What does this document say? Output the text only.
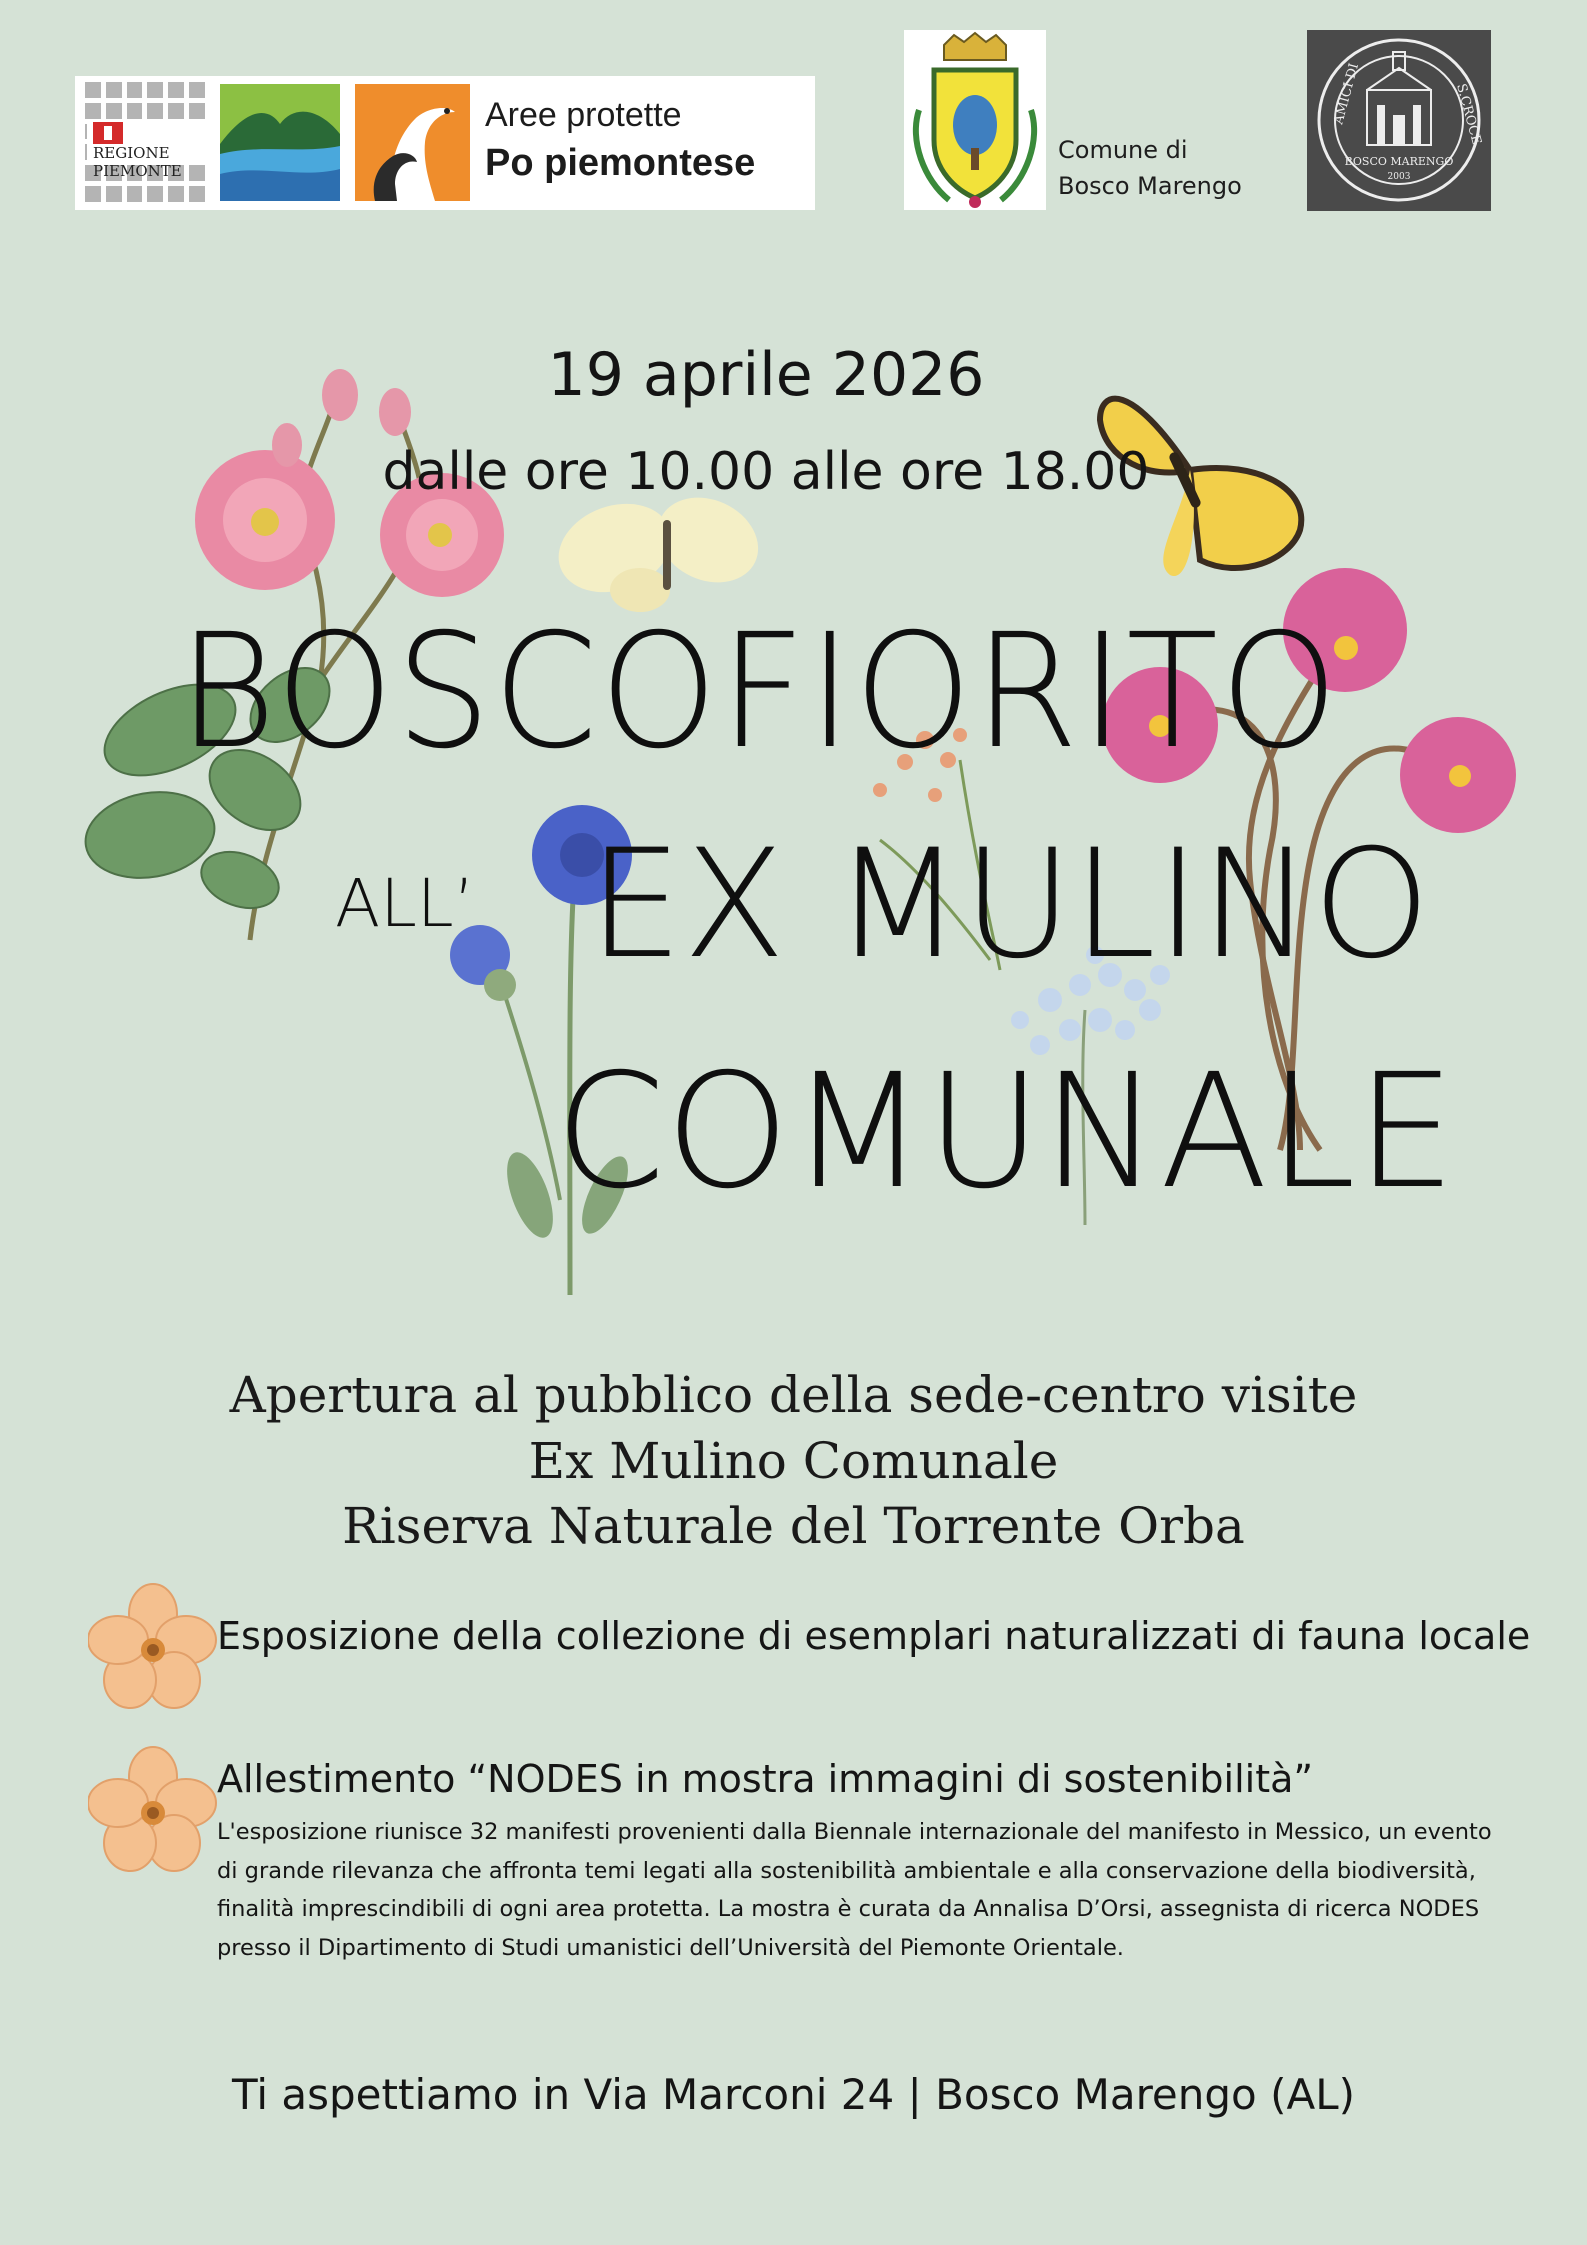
REGIONE
PIEMONTE
Aree protette
Po piemontese	Comune di
Bosco Marengo
AMICI DI	S.CROCE
BOSCO MARENGO
2003
19 aprile 2026
dalle ore 10.00 alle ore 18.00
BOSCOFIORITO
ALL’ EX MULINO
COMUNALE
Apertura al pubblico della sede-centro visite
Ex Mulino Comunale
Riserva Naturale del Torrente Orba
Esposizione della collezione di esemplari naturalizzati di fauna locale
Allestimento “NODES in mostra immagini di sostenibilità”
L'esposizione riunisce 32 manifesti provenienti dalla Biennale internazionale del manifesto in Messico, un evento di grande rilevanza che affronta temi legati alla sostenibilità ambientale e alla conservazione della biodiversità, finalità imprescindibili di ogni area protetta. La mostra è curata da Annalisa D’Orsi, assegnista di ricerca NODES presso il Dipartimento di Studi umanistici dell’Università del Piemonte Orientale.
Ti aspettiamo in Via Marconi 24 | Bosco Marengo (AL)
